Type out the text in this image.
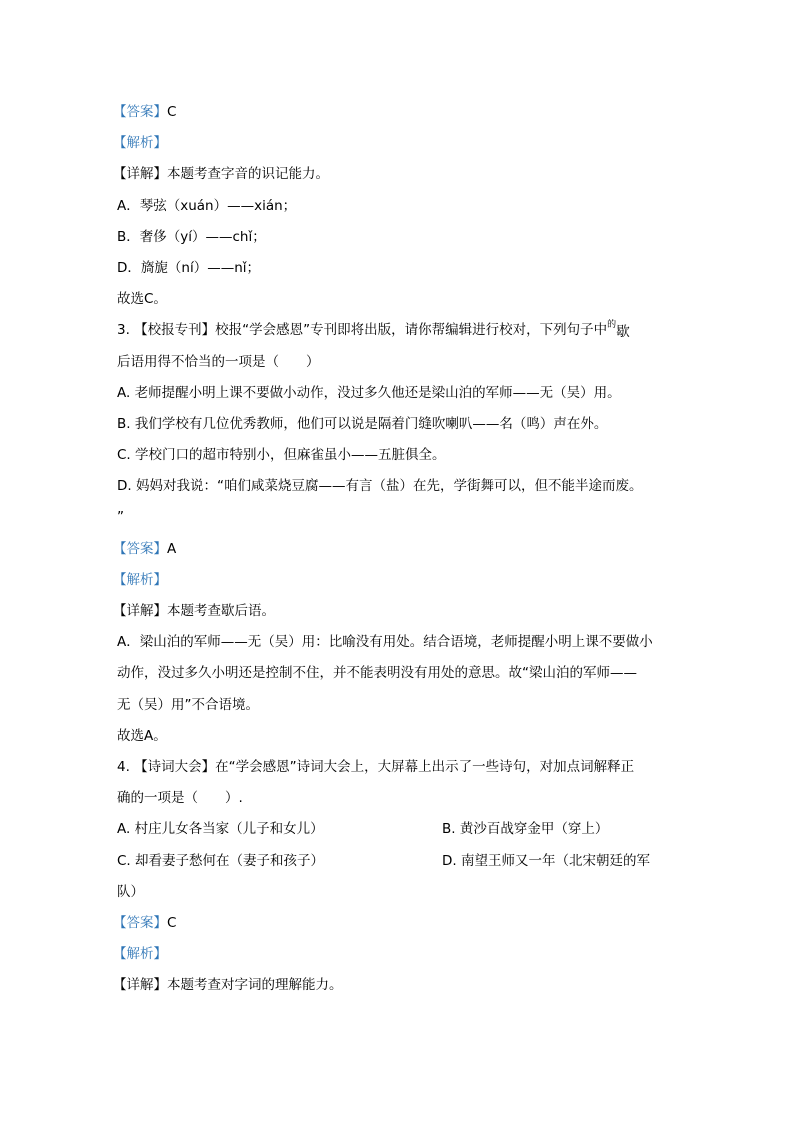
【答案】C
【解析】
【详解】本题考查字音的识记能力。
A．琴弦（xuán）——xián；
B．奢侈（yí）——chǐ；
D．旖旎（ní）——nǐ；
故选C。
3. 【校报专刊】校报“学会感恩”专刊即将出版，请你帮编辑进行校对，下列句子中$^的$歇
后语用得不恰当的一项是（　　）
A. 老师提醒小明上课不要做小动作，没过多久他还是梁山泊的军师——无（吴）用。
B. 我们学校有几位优秀教师，他们可以说是隔着门缝吹喇叭——名（鸣）声在外。
C. 学校门口的超市特别小，但麻雀虽小——五脏俱全。
D. 妈妈对我说：“咱们咸菜烧豆腐——有言（盐）在先，学街舞可以，但不能半途而废。
”
【答案】A
【解析】
【详解】本题考查歇后语。
A．梁山泊的军师——无（吴）用：比喻没有用处。结合语境，老师提醒小明上课不要做小
动作，没过多久小明还是控制不住，并不能表明没有用处的意思。故“梁山泊的军师——
无（吴）用”不合语境。
故选A。
4. 【诗词大会】在“学会感恩”诗词大会上，大屏幕上出示了一些诗句，对加点词解释正
确的一项是（　　）.
A. 村庄儿女各当家（儿子和女儿）	B. 黄沙百战穿金甲（穿上）
C. 却看妻子愁何在（妻子和孩子）	D. 南望王师又一年（北宋朝廷的军
队）
【答案】C
【解析】
【详解】本题考查对字词的理解能力。
